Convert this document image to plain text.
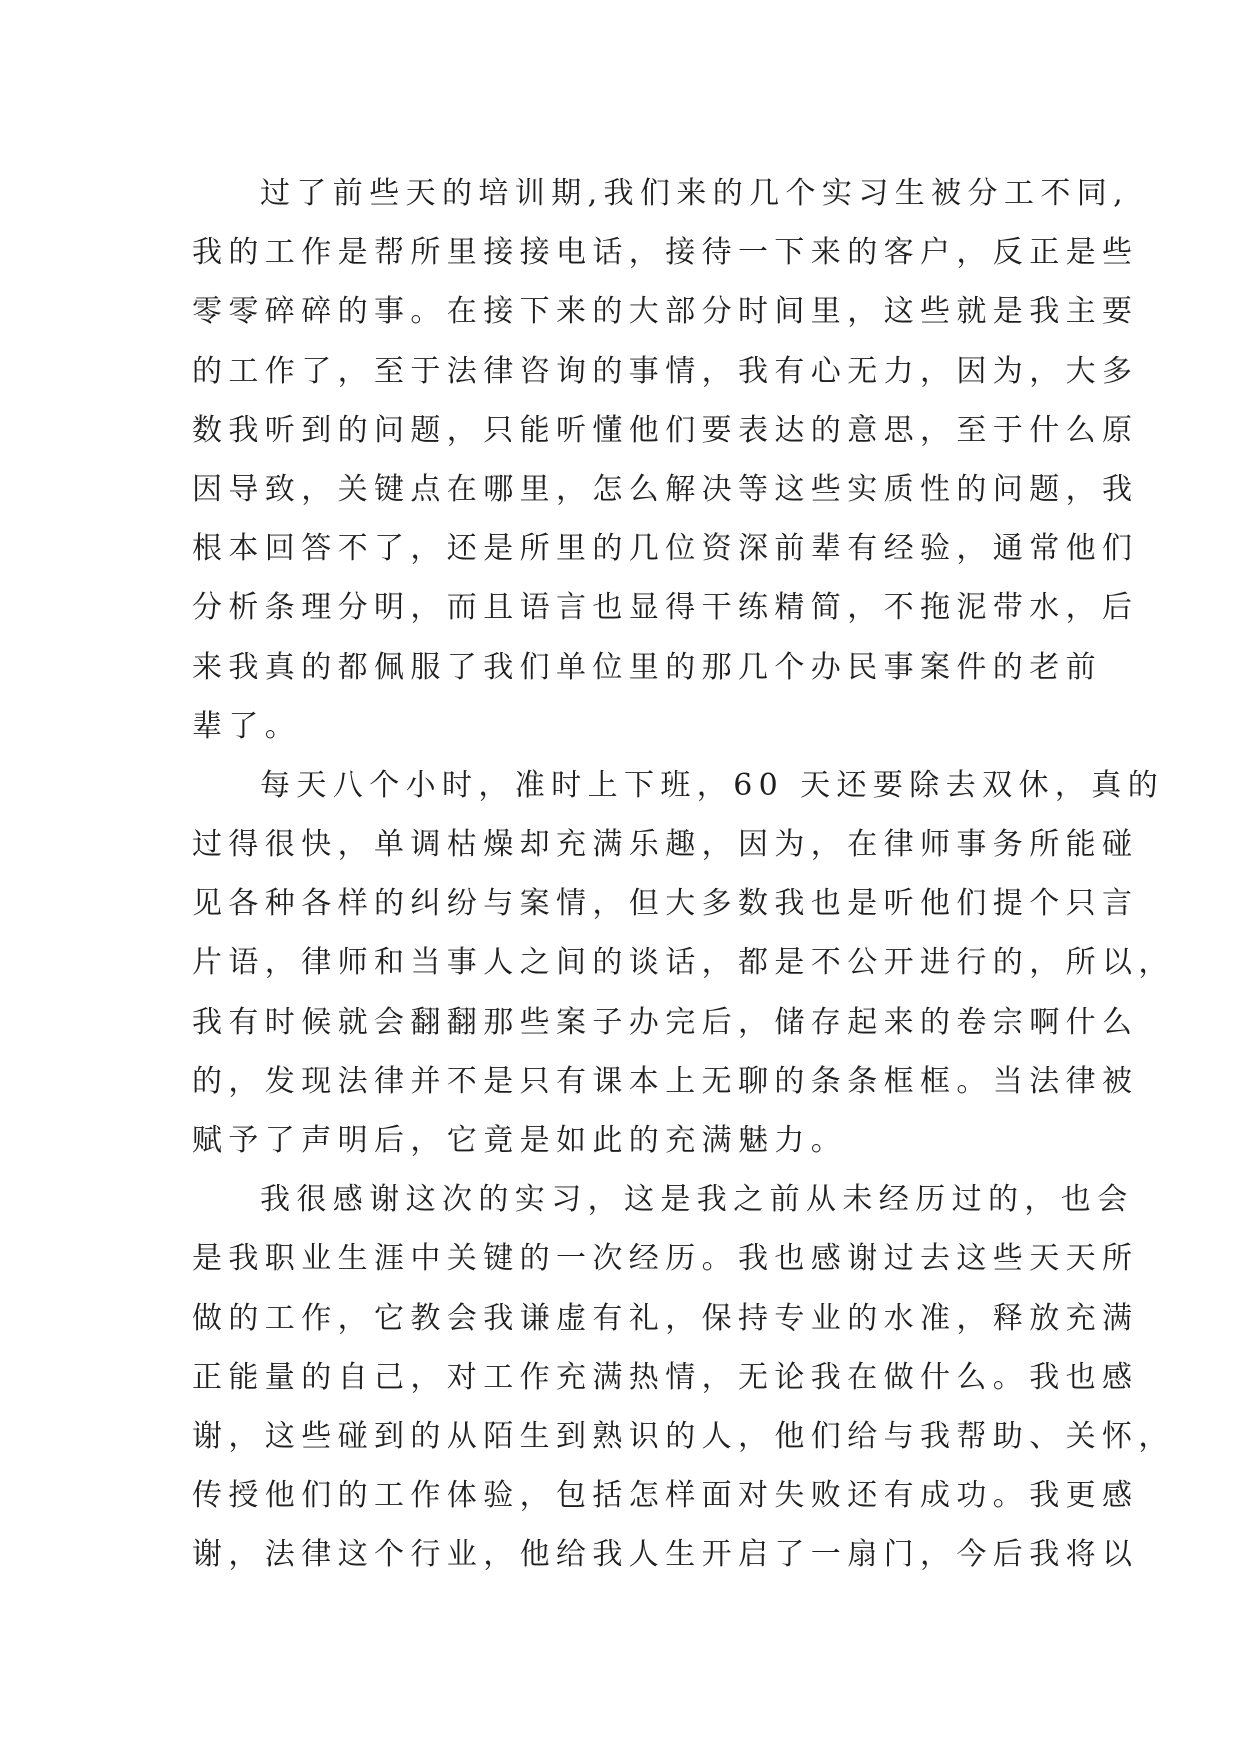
过了前些天的培训期,我们来的几个实习生被分工不同,
我的工作是帮所里接接电话，接待一下来的客户，反正是些
零零碎碎的事。在接下来的大部分时间里，这些就是我主要
的工作了，至于法律咨询的事情，我有心无力，因为，大多
数我听到的问题，只能听懂他们要表达的意思，至于什么原
因导致，关键点在哪里，怎么解决等这些实质性的问题，我
根本回答不了，还是所里的几位资深前辈有经验，通常他们
分析条理分明，而且语言也显得干练精简，不拖泥带水，后
来我真的都佩服了我们单位里的那几个办民事案件的老前
辈了。
每天八个小时，准时上下班，60 天还要除去双休，真的
过得很快，单调枯燥却充满乐趣，因为，在律师事务所能碰
见各种各样的纠纷与案情，但大多数我也是听他们提个只言
片语，律师和当事人之间的谈话，都是不公开进行的，所以，
我有时候就会翻翻那些案子办完后，储存起来的卷宗啊什么
的，发现法律并不是只有课本上无聊的条条框框。当法律被
赋予了声明后，它竟是如此的充满魅力。
我很感谢这次的实习，这是我之前从未经历过的，也会
是我职业生涯中关键的一次经历。我也感谢过去这些天天所
做的工作，它教会我谦虚有礼，保持专业的水准，释放充满
正能量的自己，对工作充满热情，无论我在做什么。我也感
谢，这些碰到的从陌生到熟识的人，他们给与我帮助、关怀，
传授他们的工作体验，包括怎样面对失败还有成功。我更感
谢，法律这个行业，他给我人生开启了一扇门，今后我将以
